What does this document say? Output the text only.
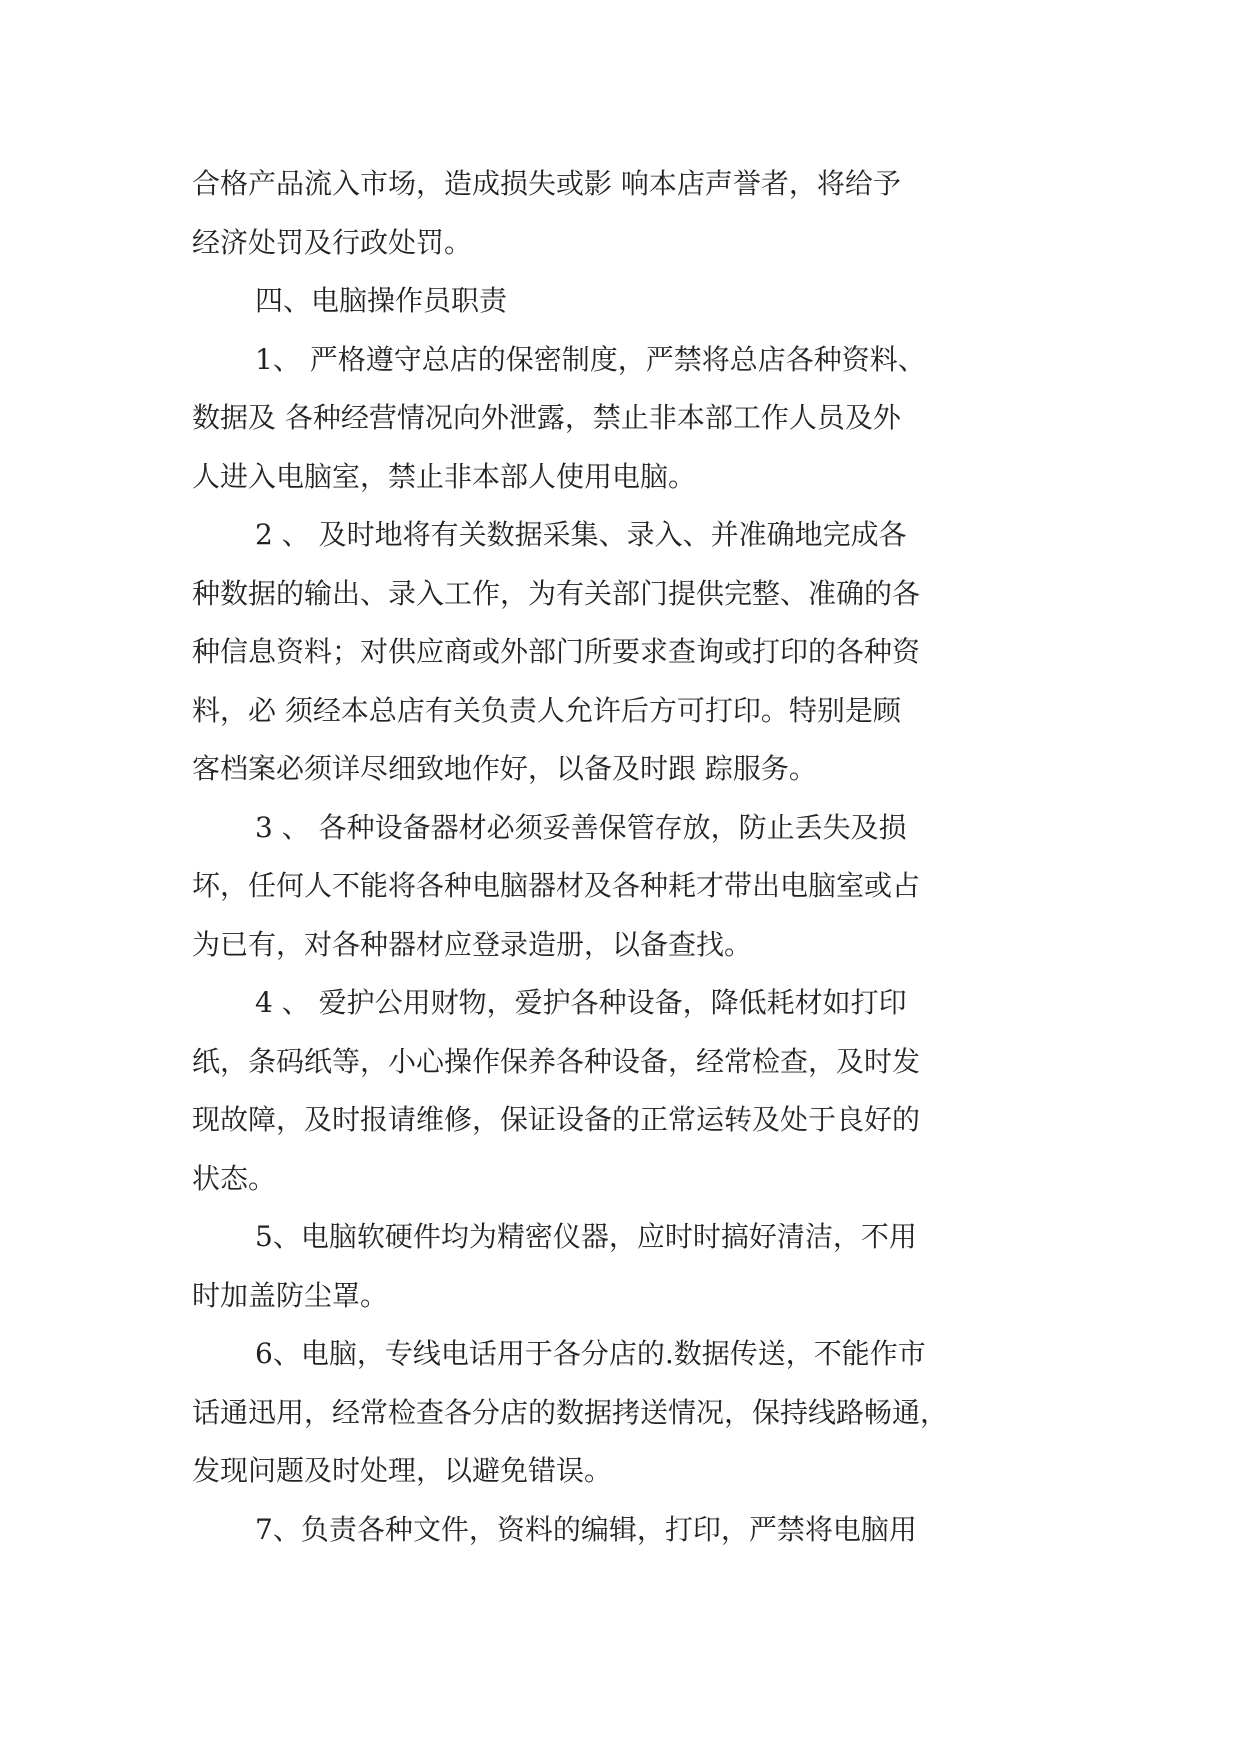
合格产品流入市场，造成损失或影 响本店声誉者，将给予
经济处罚及行政处罚。
四、电脑操作员职责
1、 严格遵守总店的保密制度，严禁将总店各种资料、
数据及 各种经营情况向外泄露，禁止非本部工作人员及外
人进入电脑室，禁止非本部人使用电脑。
2 、 及时地将有关数据采集、录入、并准确地完成各
种数据的输出、录入工作，为有关部门提供完整、准确的各
种信息资料；对供应商或外部门所要求查询或打印的各种资
料，必 须经本总店有关负责人允许后方可打印。特别是顾
客档案必须详尽细致地作好，以备及时跟 踪服务。
3 、 各种设备器材必须妥善保管存放，防止丢失及损
坏，任何人不能将各种电脑器材及各种耗才带出电脑室或占
为已有，对各种器材应登录造册，以备查找。
4 、 爱护公用财物，爱护各种设备，降低耗材如打印
纸，条码纸等，小心操作保养各种设备，经常检查，及时发
现故障，及时报请维修，保证设备的正常运转及处于良好的
状态。
5、电脑软硬件均为精密仪器，应时时搞好清洁，不用
时加盖防尘罩。
6、电脑，专线电话用于各分店的.数据传送，不能作市
话通迅用，经常检查各分店的数据拷送情况，保持线路畅通，
发现问题及时处理，以避免错误。
7、负责各种文件，资料的编辑，打印，严禁将电脑用
